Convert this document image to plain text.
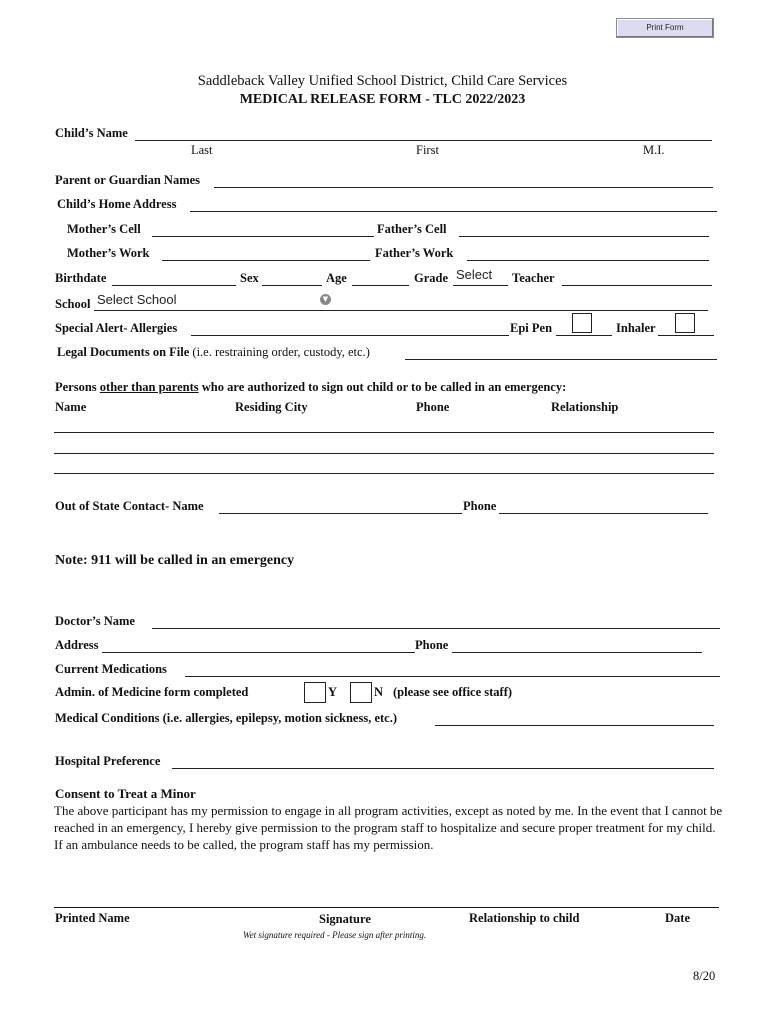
Print Form
Saddleback Valley Unified School District, Child Care Services
MEDICAL RELEASE FORM - TLC 2022/2023
Child’s Name
Last	First	M.I.
Parent or Guardian Names
Child’s Home Address
Mother’s Cell	Father’s Cell
Mother’s Work	Father’s Work
Birthdate	Sex	Age	Grade Select Teacher
School Select School	▼
Special Alert- Allergies	Epi Pen	Inhaler
Legal Documents on File (i.e. restraining order, custody, etc.)
Persons other than parents who are authorized to sign out child or to be called in an emergency:
Name	Residing City	Phone	Relationship
Out of State Contact- Name	Phone
Note: 911 will be called in an emergency
Doctor’s Name
Address	Phone
Current Medications
Admin. of Medicine form completed	Y	N (please see office staff)
Medical Conditions (i.e. allergies, epilepsy, motion sickness, etc.)
Hospital Preference
Consent to Treat a Minor
The above participant has my permission to engage in all program activities, except as noted by me. In the event that I cannot be reached in an emergency, I hereby give permission to the program staff to hospitalize and secure proper treatment for my child. If an ambulance needs to be called, the program staff has my permission.
Printed Name	Signature	Relationship to child	Date
Wet signature required - Please sign after printing.
8/20
